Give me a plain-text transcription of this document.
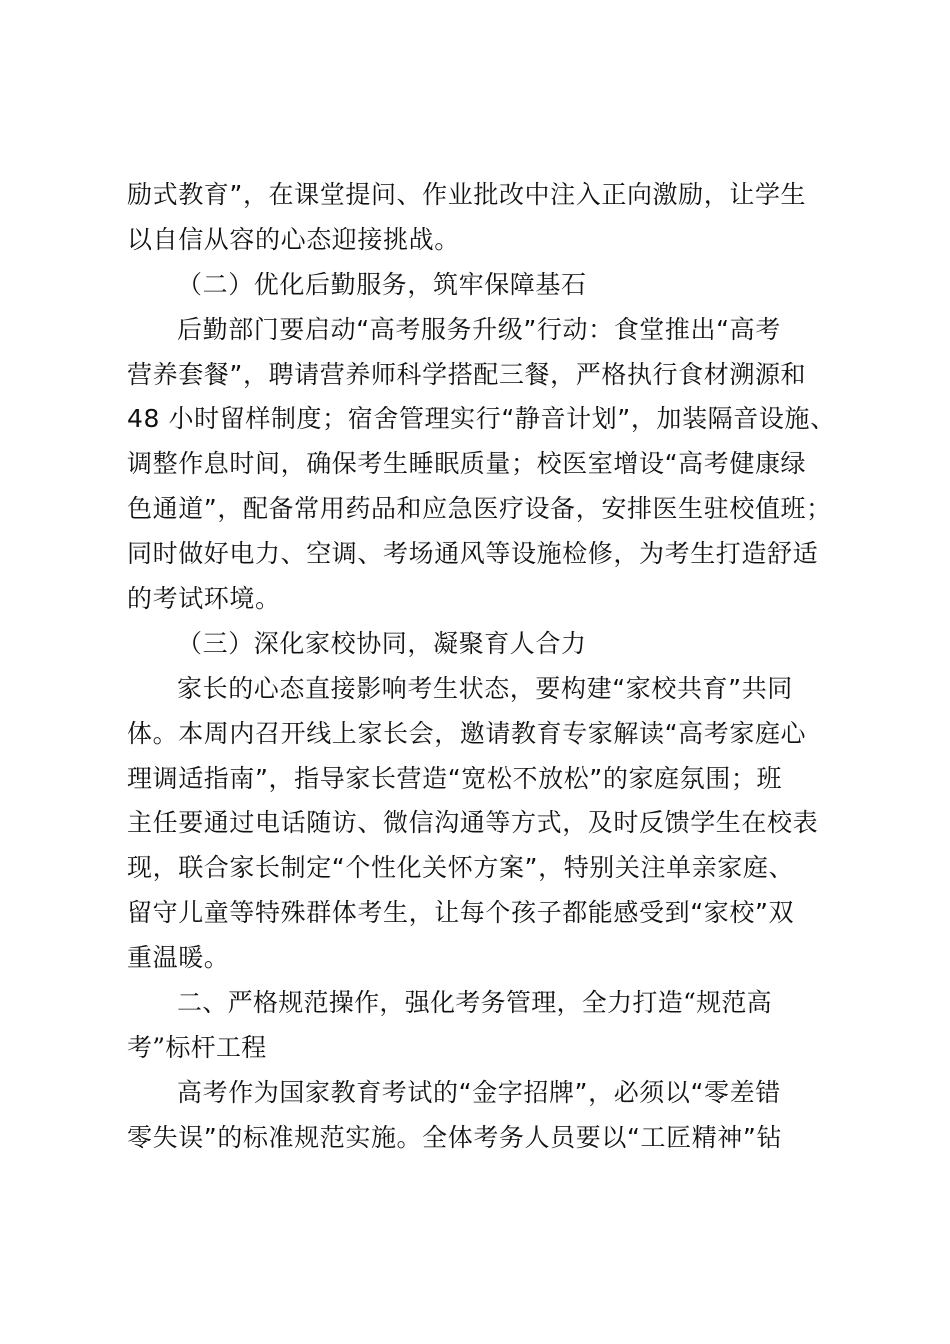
励式教育”，在课堂提问、作业批改中注入正向激励，让学生
以自信从容的心态迎接挑战。
（二）优化后勤服务，筑牢保障基石
后勤部门要启动“高考服务升级”行动：食堂推出“高考
营养套餐”，聘请营养师科学搭配三餐，严格执行食材溯源和
48 小时留样制度；宿舍管理实行“静音计划”，加装隔音设施、
调整作息时间，确保考生睡眠质量；校医室增设“高考健康绿
色通道”，配备常用药品和应急医疗设备，安排医生驻校值班；
同时做好电力、空调、考场通风等设施检修，为考生打造舒适
的考试环境。
（三）深化家校协同，凝聚育人合力
家长的心态直接影响考生状态，要构建“家校共育”共同
体。本周内召开线上家长会，邀请教育专家解读“高考家庭心
理调适指南”，指导家长营造“宽松不放松”的家庭氛围；班
主任要通过电话随访、微信沟通等方式，及时反馈学生在校表
现，联合家长制定“个性化关怀方案”，特别关注单亲家庭、
留守儿童等特殊群体考生，让每个孩子都能感受到“家校”双
重温暖。
二、严格规范操作，强化考务管理，全力打造“规范高
考”标杆工程
高考作为国家教育考试的“金字招牌”，必须以“零差错
零失误”的标准规范实施。全体考务人员要以“工匠精神”钻
